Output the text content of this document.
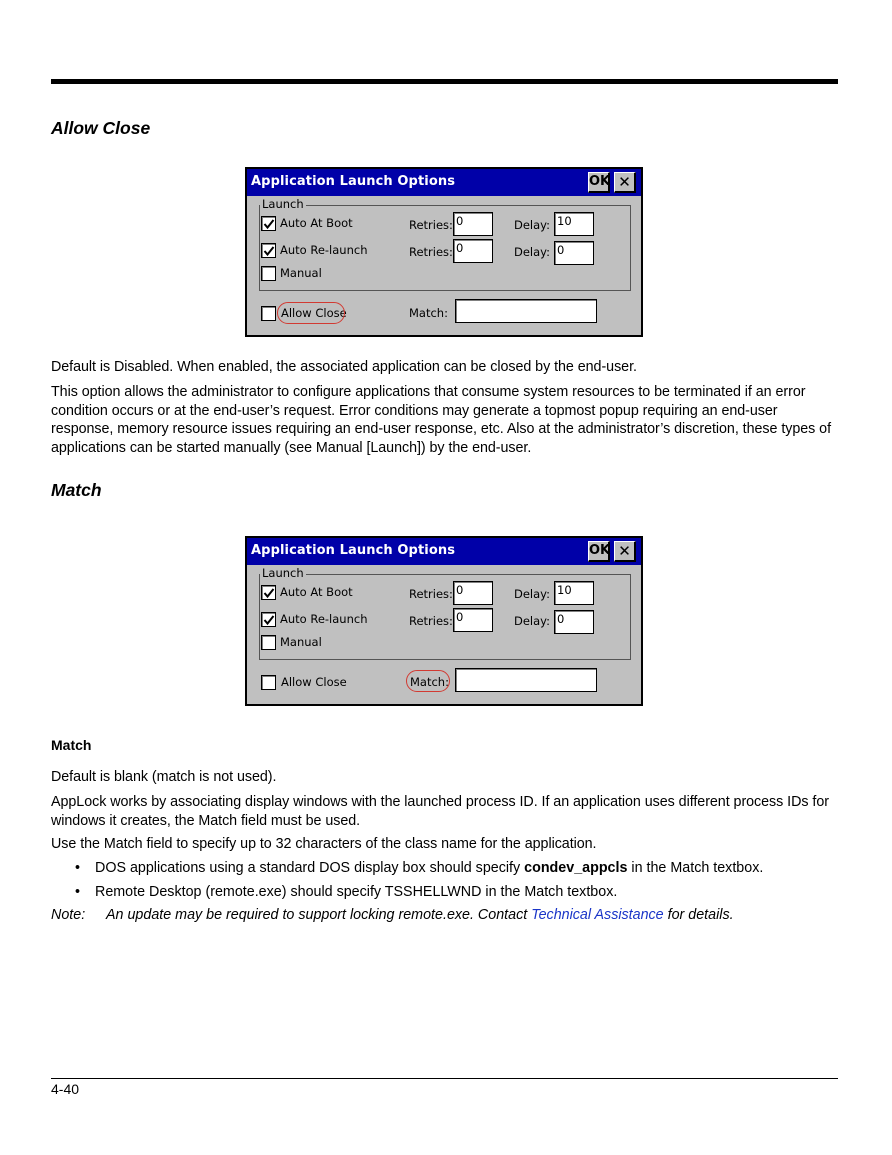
Allow Close
Application Launch Options	OK ✕
Launch
Auto At Boot	Retries: 0	Delay: 10
Auto Re-launch	Retries: 0	Delay: 0
Manual
Allow Close	Match:
Default is Disabled. When enabled, the associated application can be closed by the end-user.
This option allows the administrator to configure applications that consume system resources to be terminated if an error condition occurs or at the end-user’s request. Error conditions may generate a topmost popup requiring an end-user response, memory resource issues requiring an end-user response, etc. Also at the administrator’s discretion, these types of applications can be started manually (see Manual [Launch]) by the end-user.
Match
Application Launch Options	OK ✕
Launch
Auto At Boot	Retries: 0	Delay: 10
Auto Re-launch	Retries: 0	Delay: 0
Manual
Allow Close	Match:
Match
Default is blank (match is not used).
AppLock works by associating display windows with the launched process ID. If an application uses different process IDs for windows it creates, the Match field must be used.
Use the Match field to specify up to 32 characters of the class name for the application.
• DOS applications using a standard DOS display box should specify condev_appcls in the Match textbox.
• Remote Desktop (remote.exe) should specify TSSHELLWND in the Match textbox.
Note: An update may be required to support locking remote.exe. Contact Technical Assistance for details.
4-40
